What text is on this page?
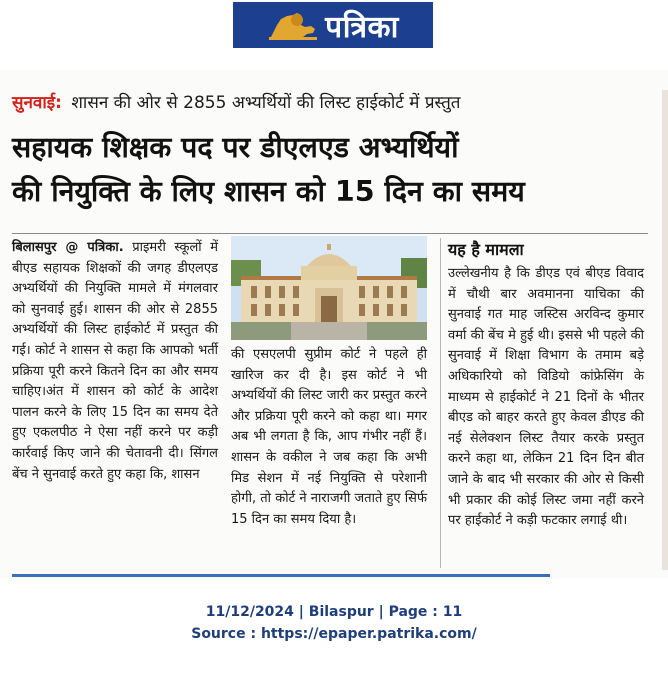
पत्रिका
सुनवाई: शासन की ओर से 2855 अभ्यर्थियों की लिस्ट हाईकोर्ट में प्रस्तुत
सहायक शिक्षक पद पर डीएलएड अभ्यर्थियों
की नियुक्ति के लिए शासन को 15 दिन का समय
बिलासपुर @ पत्रिका. प्राइमरी स्कूलों में बीएड सहायक शिक्षकों की जगह डीएलएड अभ्यर्थियों की नियुक्ति मामले में मंगलवार को सुनवाई हुई। शासन की ओर से 2855 अभ्यर्थियों की लिस्ट हाईकोर्ट में प्रस्तुत की गई। कोर्ट ने शासन से कहा कि आपको भर्ती प्रक्रिया पूरी करने कितने दिन का और समय चाहिए।अंत में शासन को कोर्ट के आदेश पालन करने के लिए 15 दिन का समय देते हुए एकलपीठ ने ऐसा नहीं करने पर कड़ी कार्रवाई किए जाने की चेतावनी दी। सिंगल बेंच ने सुनवाई करते हुए कहा कि, शासन
की एसएलपी सुप्रीम कोर्ट ने पहले ही खारिज कर दी है। इस कोर्ट ने भी अभ्यर्थियों की लिस्ट जारी कर प्रस्तुत करने और प्रक्रिया पूरी करने को कहा था। मगर अब भी लगता है कि, आप गंभीर नहीं हैं। शासन के वकील ने जब कहा कि अभी मिड सेशन में नई नियुक्ति से परेशानी होगी, तो कोर्ट ने नाराजगी जताते हुए सिर्फ 15 दिन का समय दिया है।
यह है मामला
उल्लेखनीय है कि डीएड एवं बीएड विवाद में चौथी बार अवमानना याचिका की सुनवाई गत माह जस्टिस अरविन्द कुमार वर्मा की बेंच मे हुई थी। इससे भी पहले की सुनवाई में शिक्षा विभाग के तमाम बड़े अधिकारियो को विडियो कांफ्रेसिंग के माध्यम से हाईकोर्ट ने 21 दिनों के भीतर बीएड को बाहर करते हुए केवल डीएड की नई सेलेक्शन लिस्ट तैयार करके प्रस्तुत करने कहा था, लेकिन 21 दिन दिन बीत जाने के बाद भी सरकार की ओर से किसी भी प्रकार की कोई लिस्ट जमा नहीं करने पर हाईकोर्ट ने कड़ी फटकार लगाई थी।
11/12/2024 | Bilaspur | Page : 11
Source : https://epaper.patrika.com/
